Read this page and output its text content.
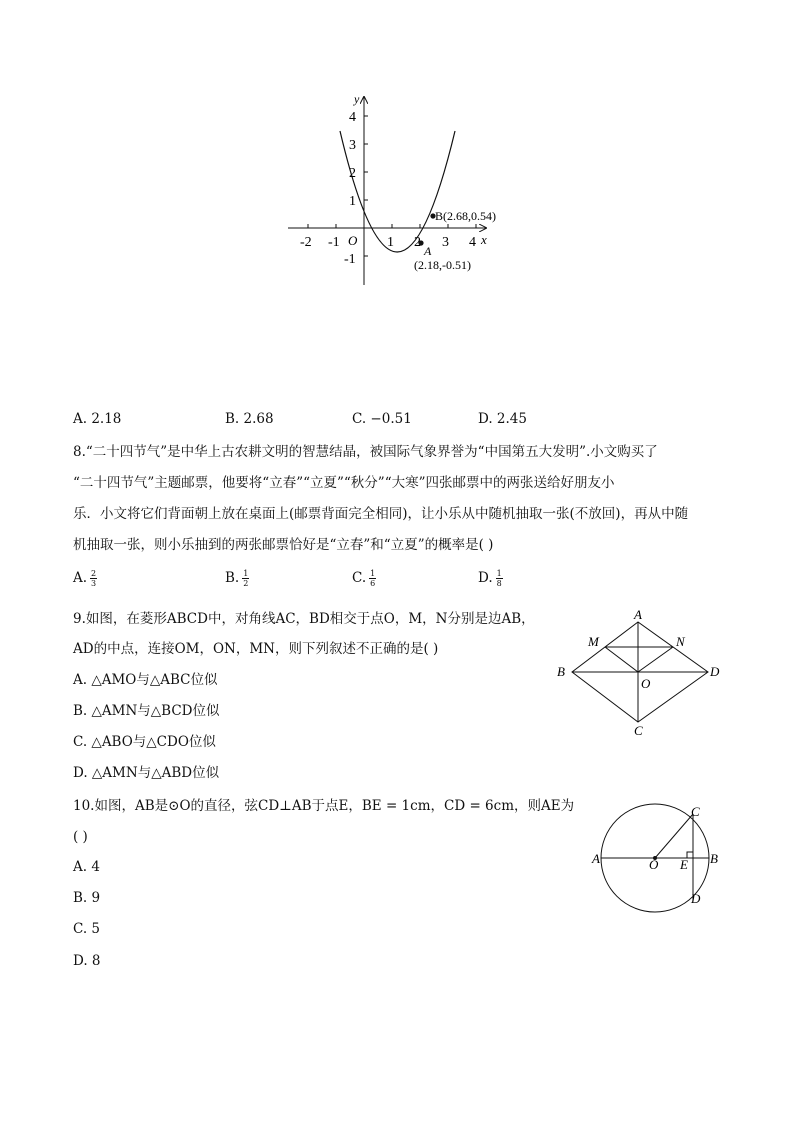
y
x
O
-2 -1	1 2 3 4
4
3
2
1
-1
B(2.68,0.54)
A
(2.18,-0.51)
A. 2.18	B. 2.68	C. −0.51	D. 2.45
8.“二十四节气”是中华上古农耕文明的智慧结晶，被国际气象界誉为“中国第五大发明”.小文购买了
“二十四节气”主题邮票，他要将“立春”“立夏”“秋分”“大寒”四张邮票中的两张送给好朋友小
乐．小文将它们背面朝上放在桌面上(邮票背面完全相同)，让小乐从中随机抽取一张(不放回)，再从中随
机抽取一张，则小乐抽到的两张邮票恰好是“立春”和“立夏”的概率是( )
A. $\frac{2}{3}$	B. $\frac{1}{2}$	C. $\frac{1}{6}$	D. $\frac{1}{8}$
9.如图，在菱形ABCD中，对角线AC，BD相交于点O，M，N分别是边AB，
AD的中点，连接OM，ON，MN，则下列叙述不正确的是( )
A. △AMO与△ABC位似
B. △AMN与△BCD位似
C. △ABO与△CDO位似
D. △AMN与△ABD位似
A
M	N
B
O
D
C
10.如图，AB是⊙O的直径，弦CD⊥AB于点E，BE = 1cm，CD = 6cm，则AE为
( )
A. 4
B. 9
C. 5
D. 8
C
A	B
O E
D
